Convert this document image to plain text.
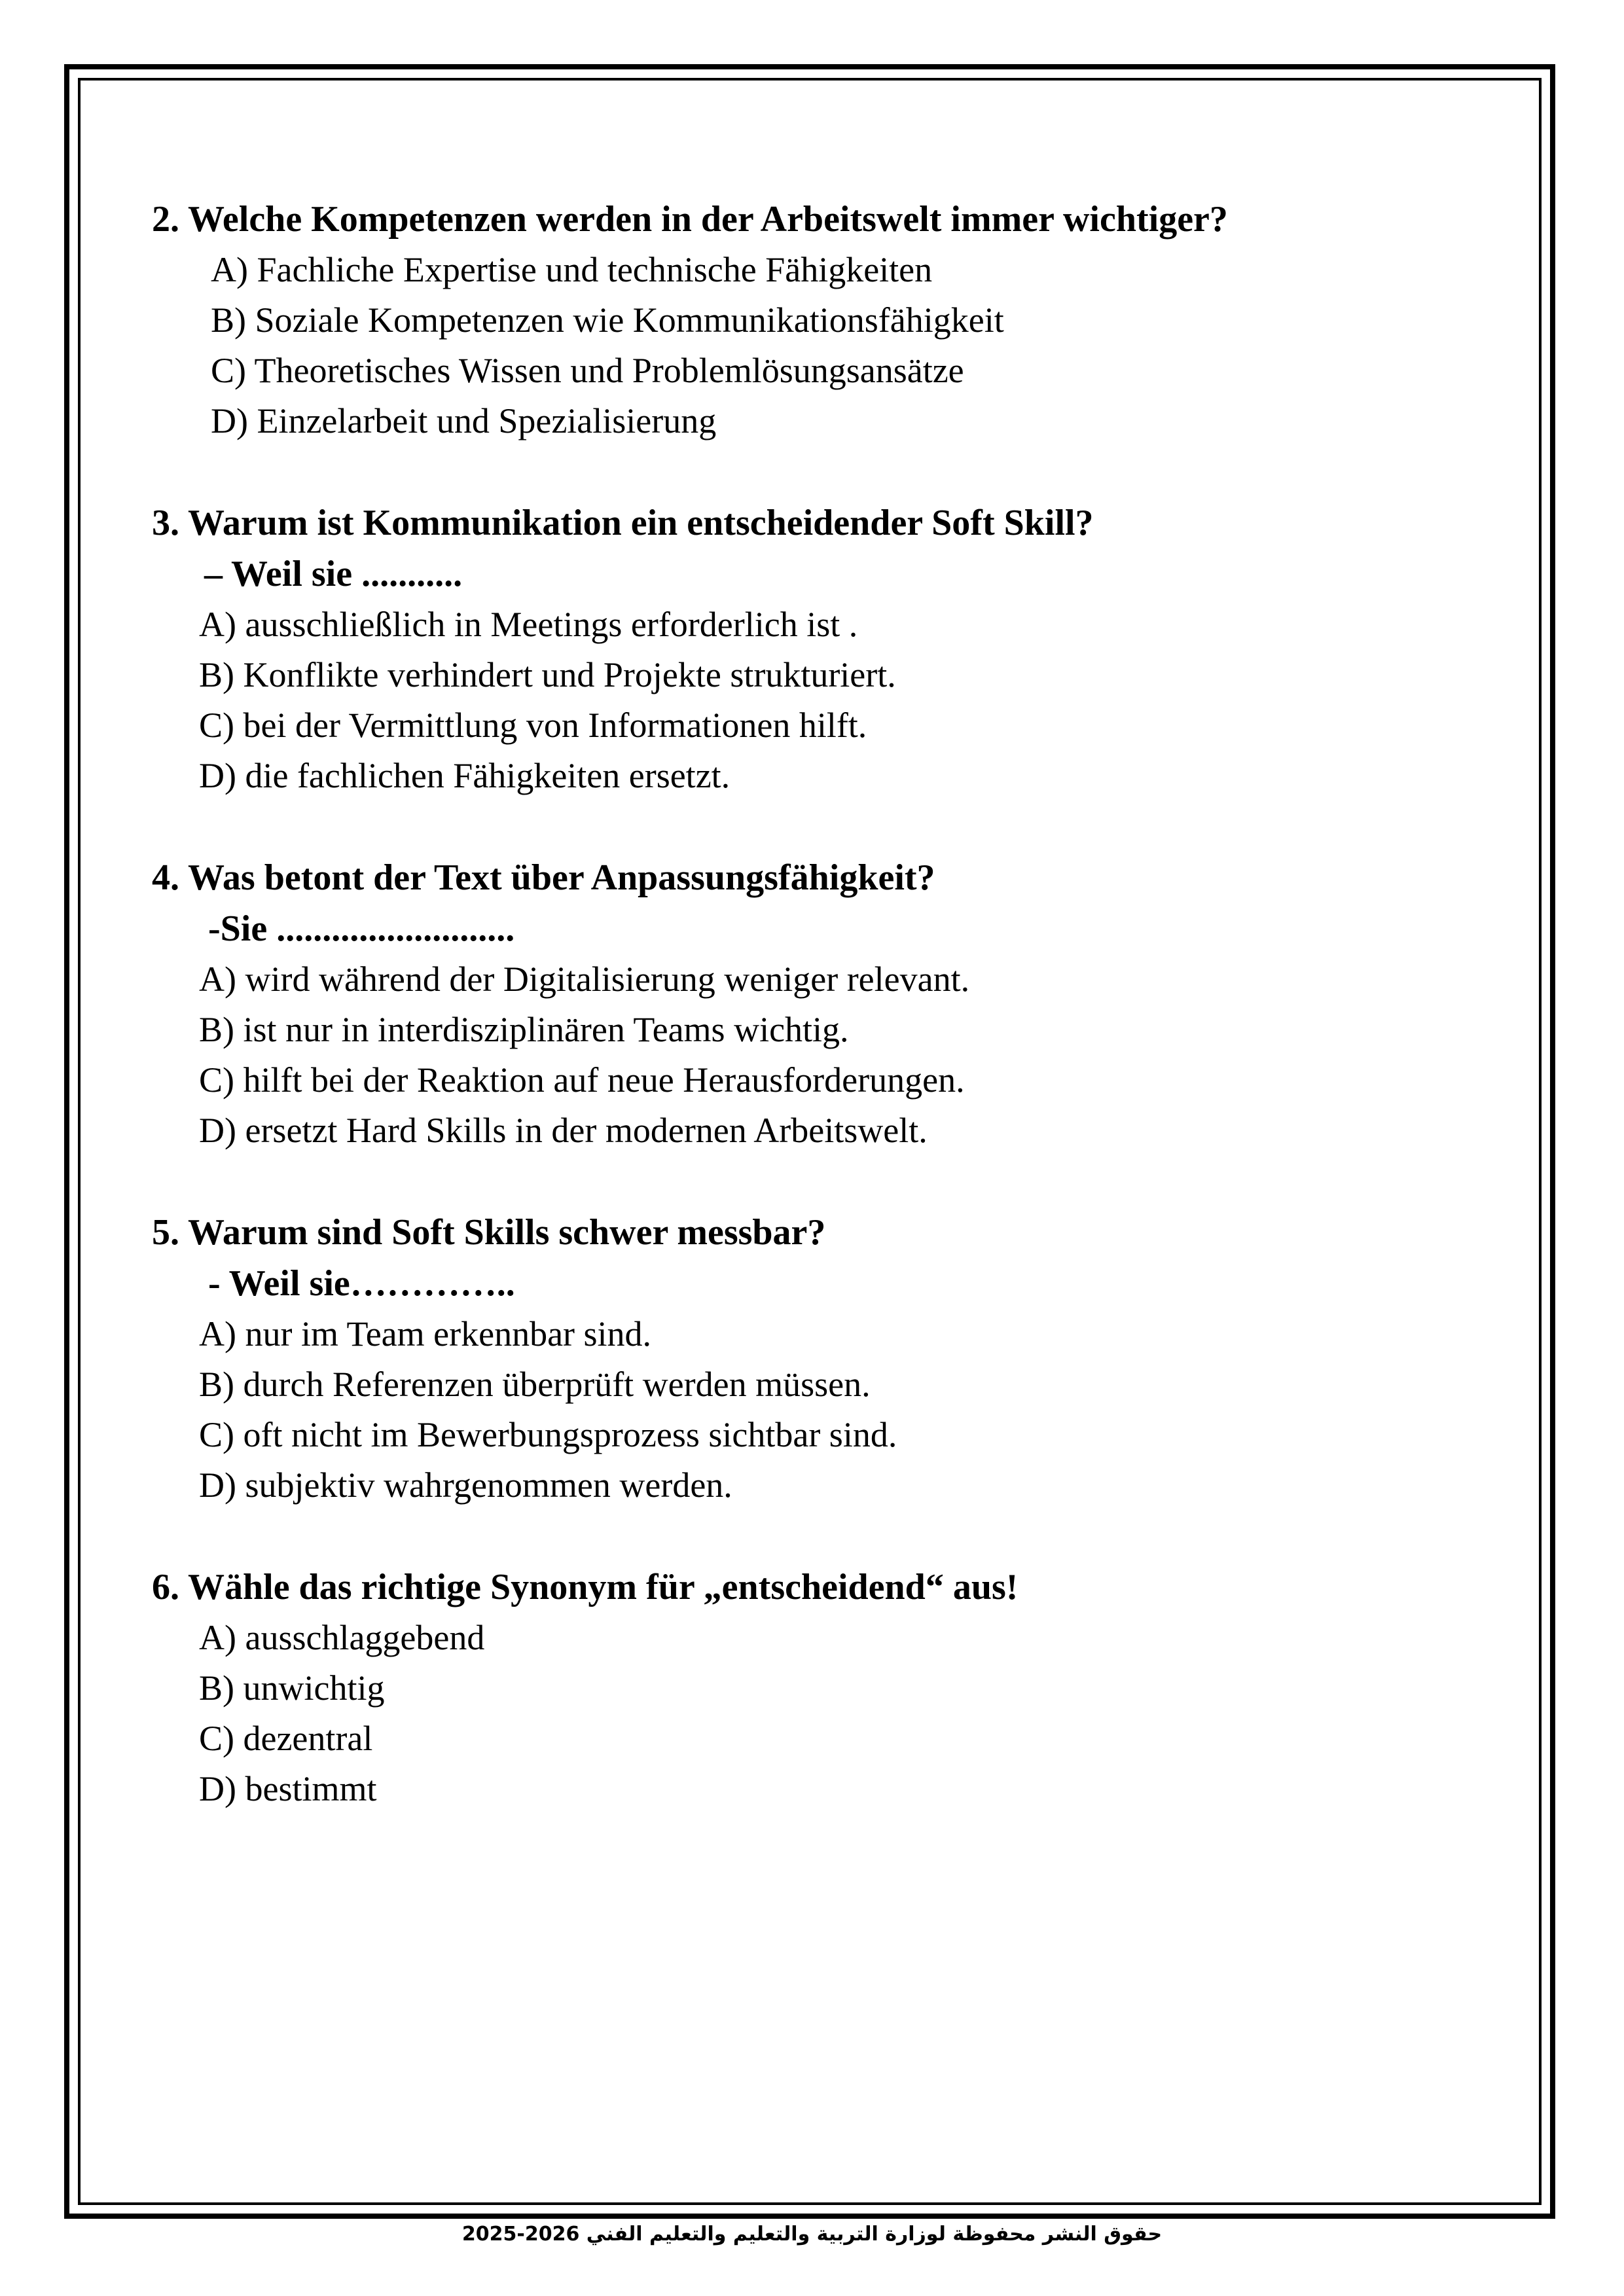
2. Welche Kompetenzen werden in der Arbeitswelt immer wichtiger?
A) Fachliche Expertise und technische Fähigkeiten
B) Soziale Kompetenzen wie Kommunikationsfähigkeit
C) Theoretisches Wissen und Problemlösungsansätze
D) Einzelarbeit und Spezialisierung
3. Warum ist Kommunikation ein entscheidender Soft Skill?
– Weil sie ...........
A) ausschließlich in Meetings erforderlich ist .
B) Konflikte verhindert und Projekte strukturiert.
C) bei der Vermittlung von Informationen hilft.
D) die fachlichen Fähigkeiten ersetzt.
4. Was betont der Text über Anpassungsfähigkeit?
-Sie ..........................
A) wird während der Digitalisierung weniger relevant.
B) ist nur in interdisziplinären Teams wichtig.
C) hilft bei der Reaktion auf neue Herausforderungen.
D) ersetzt Hard Skills in der modernen Arbeitswelt.
5. Warum sind Soft Skills schwer messbar?
- Weil sie…………..
A) nur im Team erkennbar sind.
B) durch Referenzen überprüft werden müssen.
C) oft nicht im Bewerbungsprozess sichtbar sind.
D) subjektiv wahrgenommen werden.
6. Wähle das richtige Synonym für „entscheidend“ aus!
A) ausschlaggebend
B) unwichtig
C) dezentral
D) bestimmt
حقوق النشر محفوظة لوزارة التربية والتعليم والتعليم الفني 2026-2025
